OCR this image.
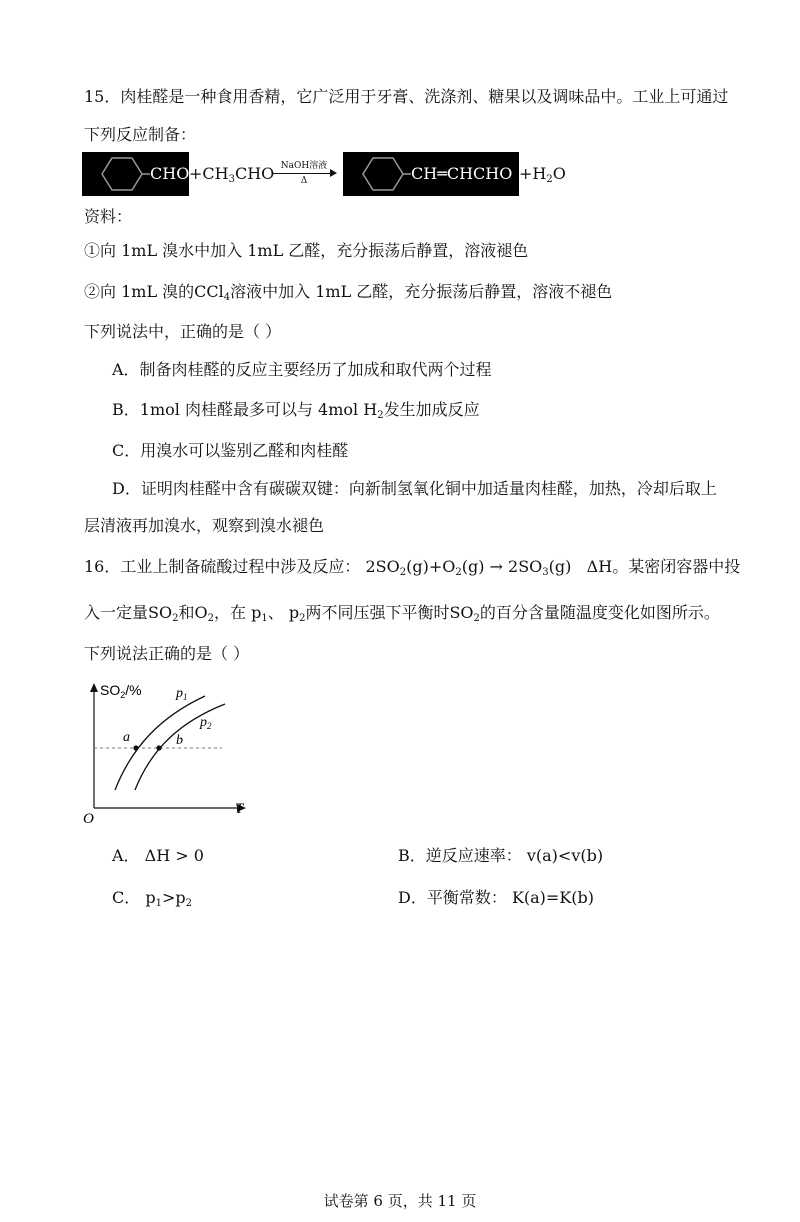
15．肉桂醛是一种食用香精，它广泛用于牙膏、洗涤剂、糖果以及调味品中。工业上可通过
下列反应制备：
CHO $+CH_3CHO$ NaOH溶液
Δ	CH═CHCHO $+H_2O$
资料：
①向 1mL 溴水中加入 1mL 乙醛，充分振荡后静置，溶液褪色
②向 1mL 溴的CCl$_4$溶液中加入 1mL 乙醛，充分振荡后静置，溶液不褪色
下列说法中，正确的是（ ）
A．制备肉桂醛的反应主要经历了加成和取代两个过程
B．1mol 肉桂醛最多可以与 4mol $H_2$发生加成反应
C．用溴水可以鉴别乙醛和肉桂醛
D．证明肉桂醛中含有碳碳双键：向新制氢氧化铜中加适量肉桂醛，加热，冷却后取上
层清液再加溴水，观察到溴水褪色
16．工业上制备硫酸过程中涉及反应： $2SO_2(g)+O_2(g) \to 2SO_3(g)$ ΔH。某密闭容器中投
入一定量$SO_2$和$O_2$，在 $p_1$、 $p_2$两不同压强下平衡时$SO_2$的百分含量随温度变化如图所示。
下列说法正确的是（ ）
$SO_2/\%$ $p_1$
$p_2$
a	b
T
O
A． ΔH > 0	B．逆反应速率： v(a)<v(b)
C． $p_1>p_2$	D．平衡常数： K(a)=K(b)
试卷第 6 页，共 11 页
